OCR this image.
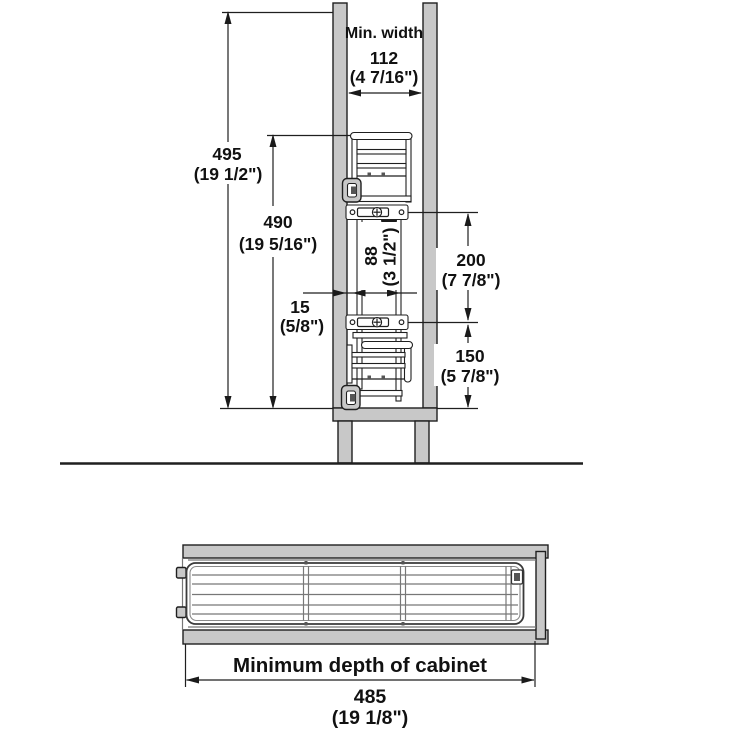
495
(19 1/2")
490
(19 5/16")
Min. width
112
(4 7/16")
15
(5/8")
88
(3 1/2")	200
(7 7/8")
150
(5 7/8")
Minimum depth of cabinet
485
(19 1/8")
